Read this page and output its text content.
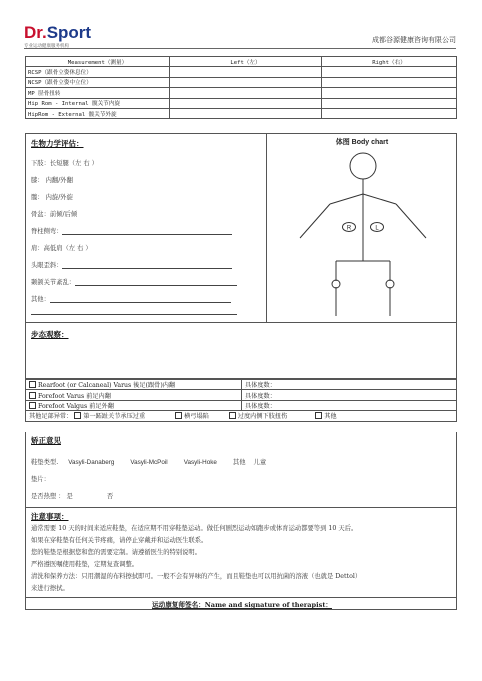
Dr.Sport
专业运动健康服务机构
成都谷源健康咨询有限公司
Measurement（测量）	Left（左）	Right（右）
RCSP（跟骨立姿休息位）		
NCSP（跟骨立姿中立位）		
MP 胫骨扭转		
Hip Rom - Internal 髋关节内旋		
HipRom - External 髋关节外旋		
生物力学评估：
下肢：长短腿（左 右 ）
膝： 内翻/外翻
髋： 内旋/外旋
骨盆：前倾/后倾
脊柱侧弯：
肩：高低肩（左 右 ）
头眼歪斜：
颞颌关节紊乱：
其他：
体图 Body chart
R	L
步态观察：
Rearfoot (or Calcaneal) Varus 後足(跟骨)内翻	具体度数：
Forefoot Varus 前足内翻	具体度数：
Forefoot Valgus 前足外翻	具体度数：
其他足部异常： 第一跖趾关节承压过重 横弓塌陷 过度内侧下肢扭伤 其他	
矫正意见
鞋垫类型. Vasyli-Danaberg	Vasyli-McPoil	Vasyli-Hoke	其他 儿童
垫片：
是否热塑 ： 是	否
注意事项：
通常需要 10 天的时间来适应鞋垫，在适应期不用穿鞋垫运动。做任何剧烈运动如跑步或体育运动都要等到 10 天后。
如果在穿鞋垫有任何关节疼痛，请停止穿戴并和运动医生联系。
您的鞋垫是根据您和您的需要定制。请遵循医生的特别说明。
严格遵医嘱使用鞋垫，定期复查调整。
清洗和保养方法：只用潮湿的布料擦拭即可。一般不会有异味的产生，而且鞋垫也可以用抗菌的溶液（也就是 Dettol）
来进行擦拭。
运动康复师签名：Name and signature of therapist：
